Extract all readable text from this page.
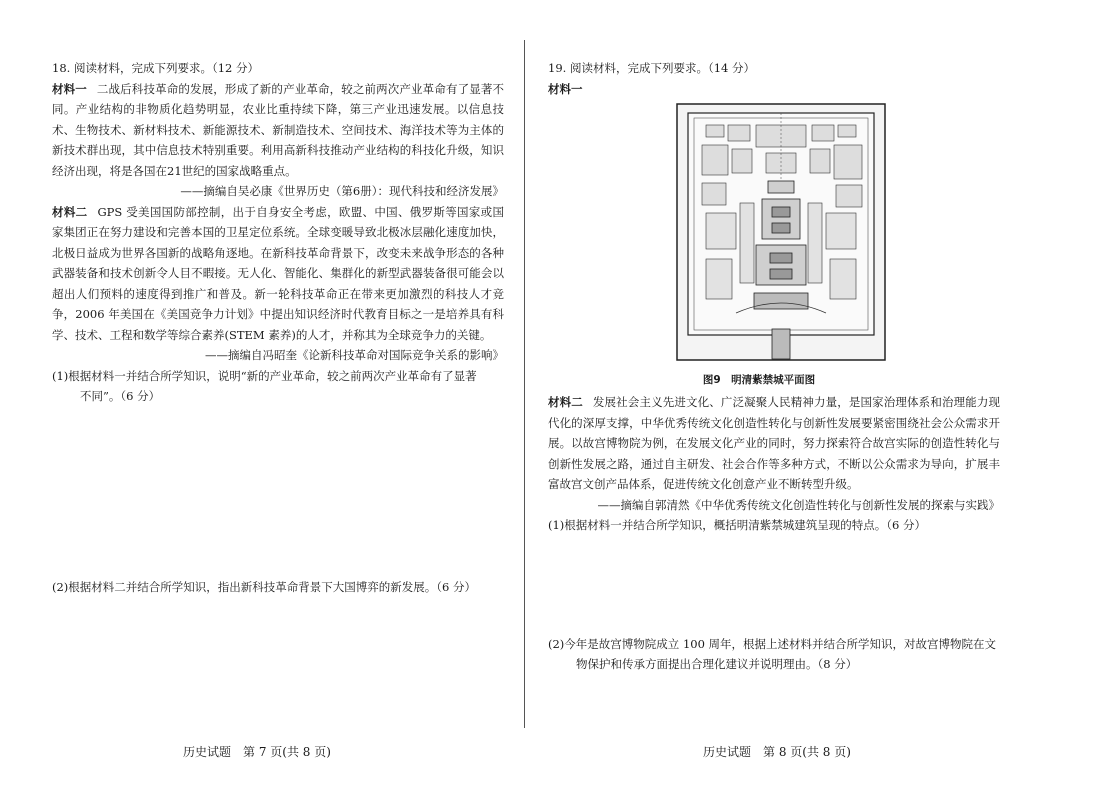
18. 阅读材料，完成下列要求。（12 分）

材料一 二战后科技革命的发展，形成了新的产业革命，较之前两次产业革命有了显著不同。产业结构的非物质化趋势明显，农业比重持续下降，第三产业迅速发展。以信息技术、生物技术、新材料技术、新能源技术、新制造技术、空间技术、海洋技术等为主体的新技术群出现，其中信息技术特别重要。利用高新科技推动产业结构的科技化升级，知识经济出现，将是各国在21世纪的国家战略重点。

——摘编自吴必康《世界历史（第6册）：现代科技和经济发展》

材料二 GPS 受美国国防部控制，出于自身安全考虑，欧盟、中国、俄罗斯等国家或国家集团正在努力建设和完善本国的卫星定位系统。全球变暖导致北极冰层融化速度加快，北极日益成为世界各国新的战略角逐地。在新科技革命背景下，改变未来战争形态的各种武器装备和技术创新令人目不暇接。无人化、智能化、集群化的新型武器装备很可能会以超出人们预料的速度得到推广和普及。新一轮科技革命正在带来更加激烈的科技人才竞争，2006 年美国在《美国竞争力计划》中提出知识经济时代教育目标之一是培养具有科学、技术、工程和数学等综合素养(STEM 素养)的人才，并称其为全球竞争力的关键。

——摘编自冯昭奎《论新科技革命对国际竞争关系的影响》

(1)根据材料一并结合所学知识，说明“新的产业革命，较之前两次产业革命有了显著
不同”。（6 分）

(2)根据材料二并结合所学知识，指出新科技革命背景下大国博弈的新发展。（6 分）

19. 阅读材料，完成下列要求。（14 分）

材料一

图9　明清紫禁城平面图

材料二 发展社会主义先进文化、广泛凝聚人民精神力量，是国家治理体系和治理能力现代化的深厚支撑，中华优秀传统文化创造性转化与创新性发展要紧密围绕社会公众需求开展。以故宫博物院为例，在发展文化产业的同时，努力探索符合故宫实际的创造性转化与创新性发展之路，通过自主研发、社会合作等多种方式，不断以公众需求为导向，扩展丰富故宫文创产品体系，促进传统文化创意产业不断转型升级。

——摘编自郭清然《中华优秀传统文化创造性转化与创新性发展的探索与实践》

(1)根据材料一并结合所学知识，概括明清紫禁城建筑呈现的特点。（6 分）

(2)今年是故宫博物院成立 100 周年，根据上述材料并结合所学知识，对故宫博物院在文
物保护和传承方面提出合理化建议并说明理由。（8 分）

历史试题 第 7 页(共 8 页)	历史试题 第 8 页(共 8 页)
